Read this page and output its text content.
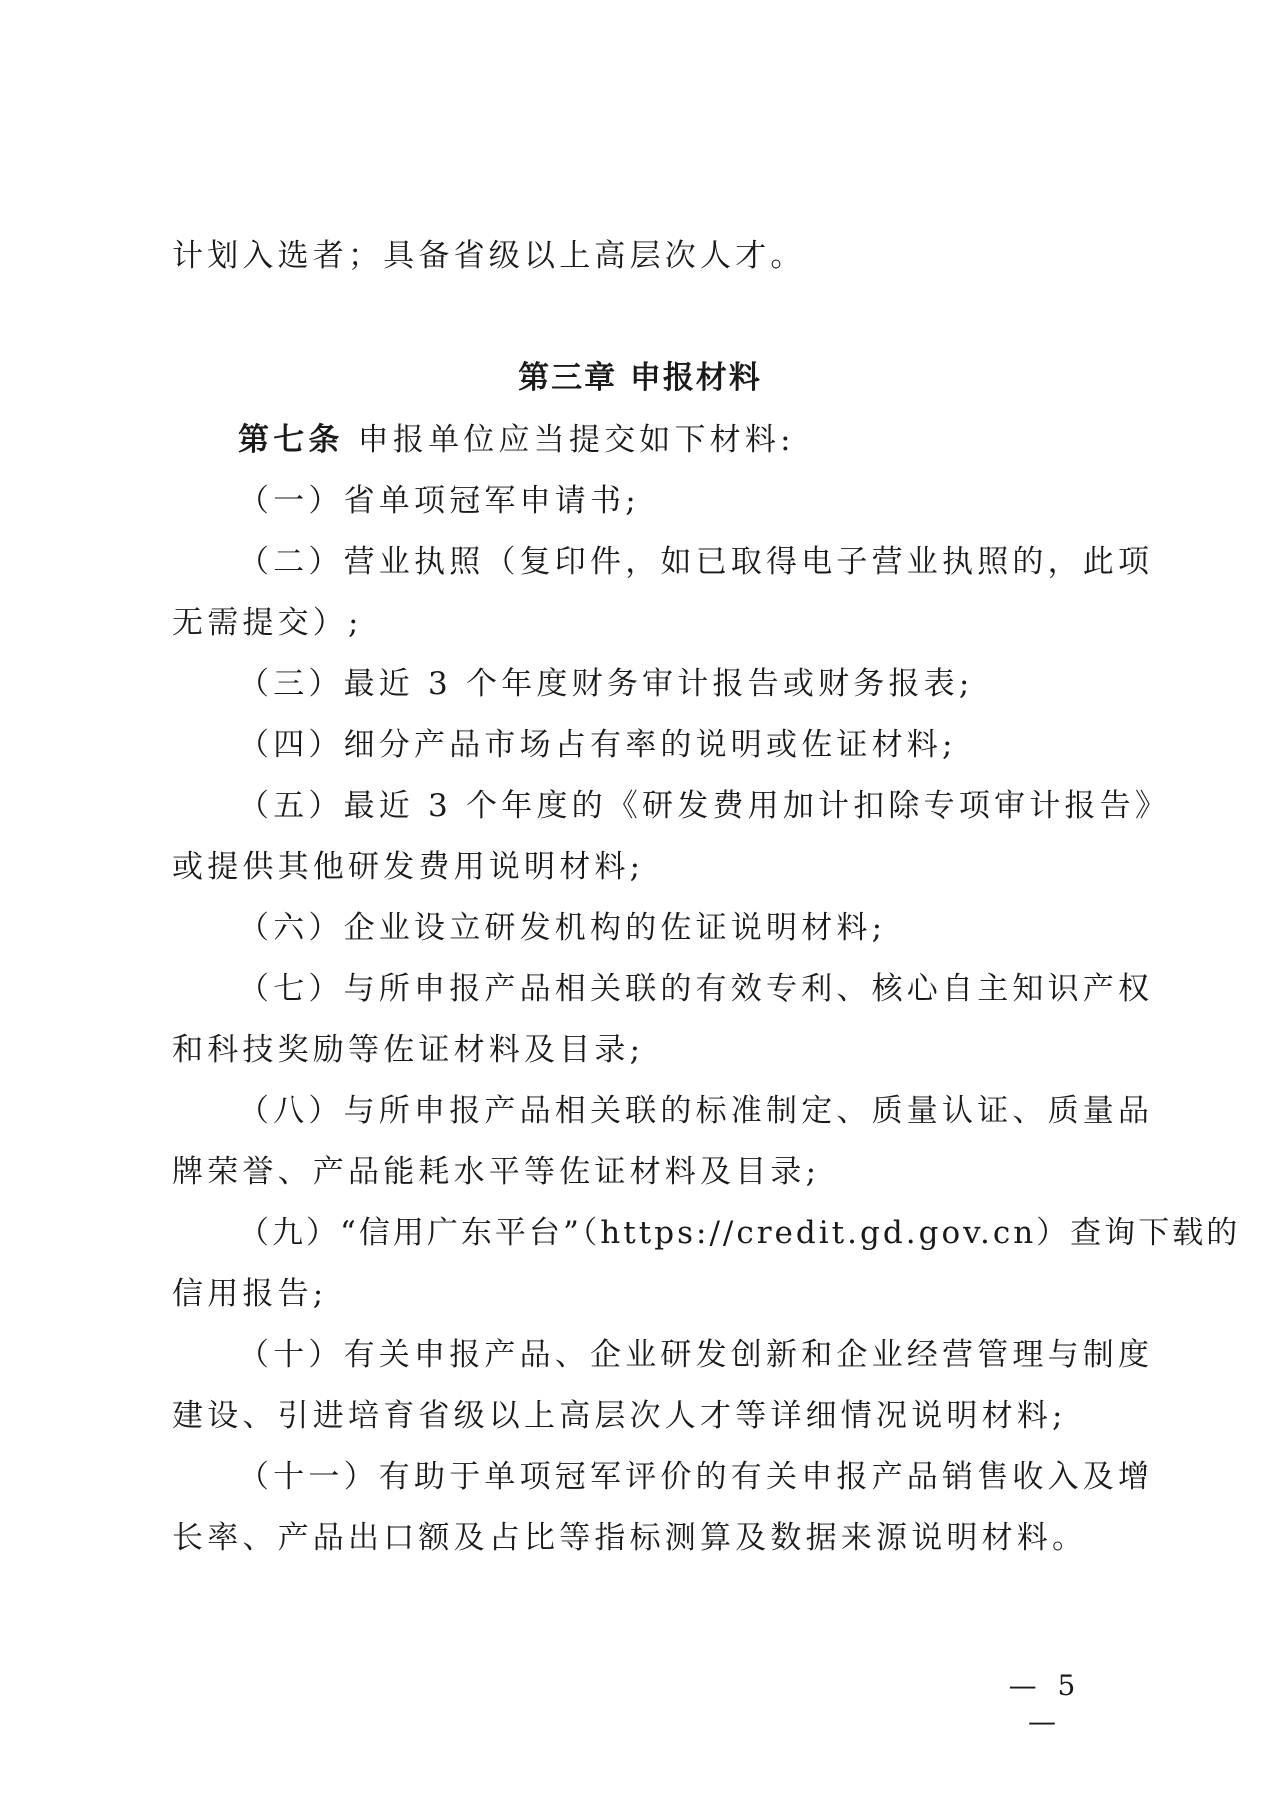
计划入选者；具备省级以上高层次人才。
第三章 申报材料
第七条 申报单位应当提交如下材料:
（一）省单项冠军申请书;
（二）营业执照（复印件，如已取得电子营业执照的，此项
无需提交）;
（三）最近 3 个年度财务审计报告或财务报表;
（四）细分产品市场占有率的说明或佐证材料;
（五）最近 3 个年度的《研发费用加计扣除专项审计报告》
或提供其他研发费用说明材料;
（六）企业设立研发机构的佐证说明材料;
（七）与所申报产品相关联的有效专利、核心自主知识产权
和科技奖励等佐证材料及目录;
（八）与所申报产品相关联的标准制定、质量认证、质量品
牌荣誉、产品能耗水平等佐证材料及目录;
（九）“信用广东平台”（https://credit.gd.gov.cn）查询下载的
信用报告;
（十）有关申报产品、企业研发创新和企业经营管理与制度
建设、引进培育省级以上高层次人才等详细情况说明材料;
（十一）有助于单项冠军评价的有关申报产品销售收入及增
长率、产品出口额及占比等指标测算及数据来源说明材料。
— 5 —
